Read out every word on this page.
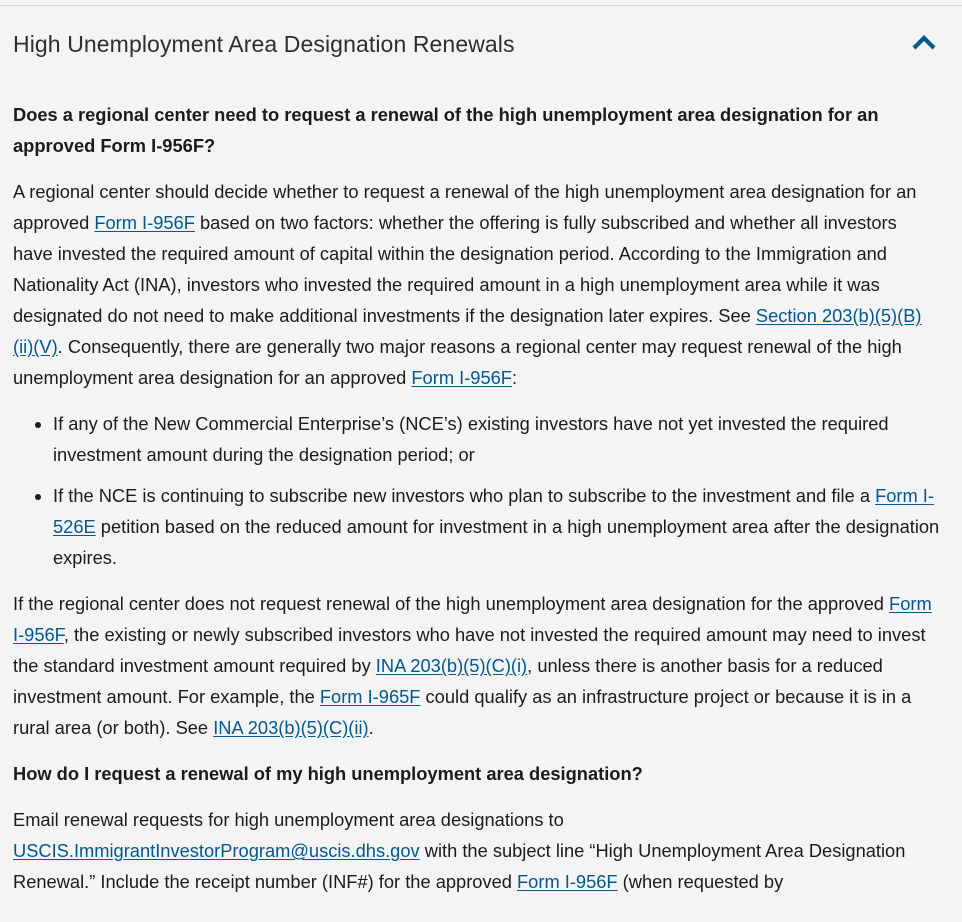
High Unemployment Area Designation Renewals
Does a regional center need to request a renewal of the high unemployment area designation for an approved Form I-956F?
A regional center should decide whether to request a renewal of the high unemployment area designation for an approved Form I-956F based on two factors: whether the offering is fully subscribed and whether all investors have invested the required amount of capital within the designation period. According to the Immigration and Nationality Act (INA), investors who invested the required amount in a high unemployment area while it was designated do not need to make additional investments if the designation later expires. See Section 203(b)(5)(B)(ii)(V). Consequently, there are generally two major reasons a regional center may request renewal of the high unemployment area designation for an approved Form I-956F:
• If any of the New Commercial Enterprise’s (NCE’s) existing investors have not yet invested the required investment amount during the designation period; or
• If the NCE is continuing to subscribe new investors who plan to subscribe to the investment and file a Form I-526E petition based on the reduced amount for investment in a high unemployment area after the designation expires.
If the regional center does not request renewal of the high unemployment area designation for the approved Form I-956F, the existing or newly subscribed investors who have not invested the required amount may need to invest the standard investment amount required by INA 203(b)(5)(C)(i), unless there is another basis for a reduced investment amount. For example, the Form I-965F could qualify as an infrastructure project or because it is in a rural area (or both). See INA 203(b)(5)(C)(ii).
How do I request a renewal of my high unemployment area designation?
Email renewal requests for high unemployment area designations to USCIS.ImmigrantInvestorProgram@uscis.dhs.gov with the subject line “High Unemployment Area Designation Renewal.” Include the receipt number (INF#) for the approved Form I-956F (when requested by
